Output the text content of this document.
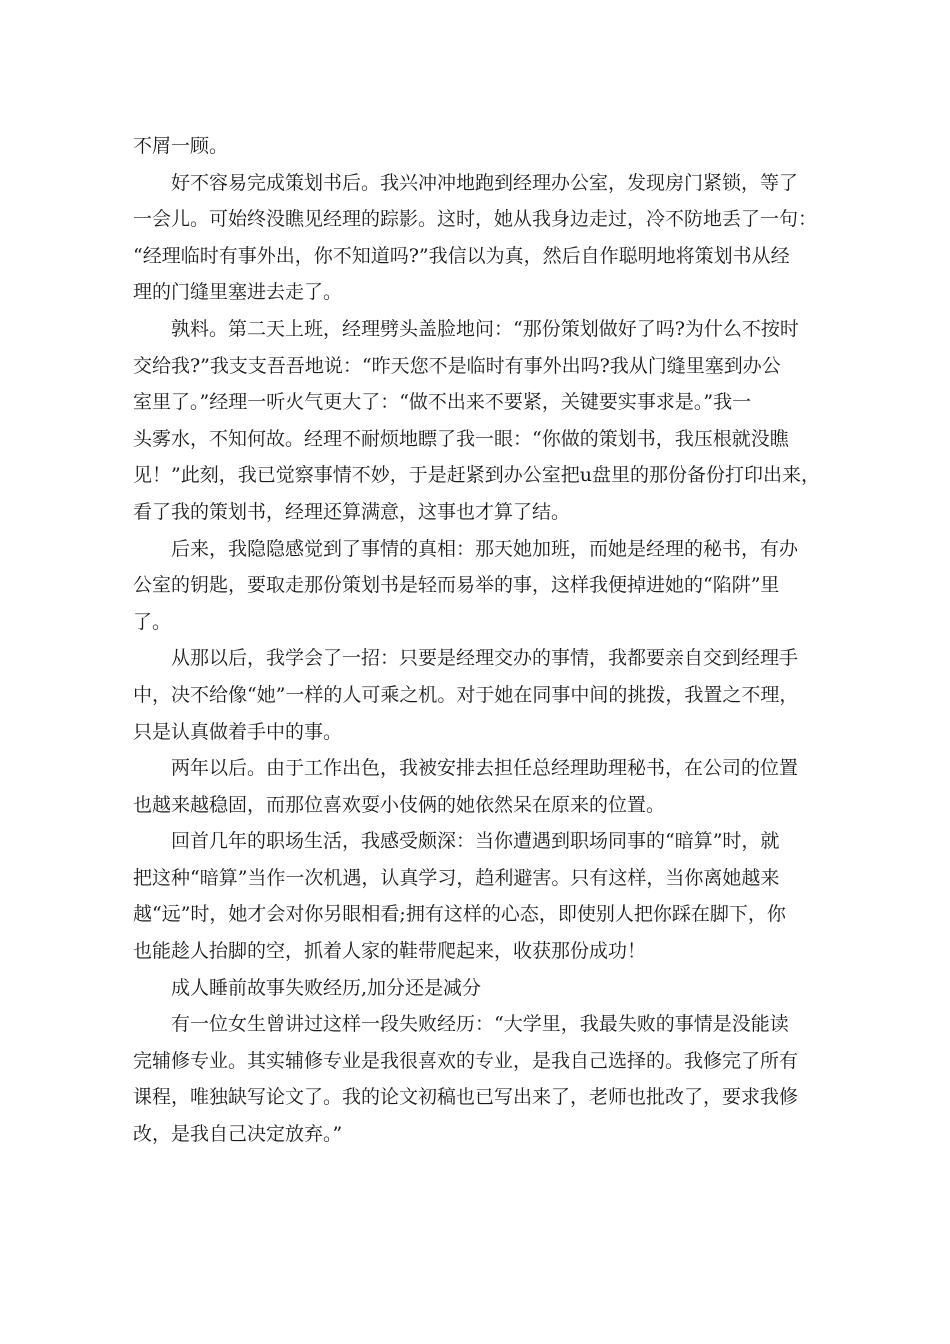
不屑一顾。
好不容易完成策划书后。我兴冲冲地跑到经理办公室，发现房门紧锁，等了
一会儿。可始终没瞧见经理的踪影。这时，她从我身边走过，冷不防地丢了一句：
“经理临时有事外出，你不知道吗?”我信以为真，然后自作聪明地将策划书从经
理的门缝里塞进去走了。
孰料。第二天上班，经理劈头盖脸地问：“那份策划做好了吗?为什么不按时
交给我?”我支支吾吾地说：“昨天您不是临时有事外出吗?我从门缝里塞到办公
室里了。”经理一听火气更大了：“做不出来不要紧，关键要实事求是。”我一
头雾水，不知何故。经理不耐烦地瞟了我一眼：“你做的策划书，我压根就没瞧
见！”此刻，我已觉察事情不妙，于是赶紧到办公室把u盘里的那份备份打印出来，
看了我的策划书，经理还算满意，这事也才算了结。
后来，我隐隐感觉到了事情的真相：那天她加班，而她是经理的秘书，有办
公室的钥匙，要取走那份策划书是轻而易举的事，这样我便掉进她的“陷阱”里
了。
从那以后，我学会了一招：只要是经理交办的事情，我都要亲自交到经理手
中，决不给像“她”一样的人可乘之机。对于她在同事中间的挑拨，我置之不理，
只是认真做着手中的事。
两年以后。由于工作出色，我被安排去担任总经理助理秘书，在公司的位置
也越来越稳固，而那位喜欢耍小伎俩的她依然呆在原来的位置。
回首几年的职场生活，我感受颇深：当你遭遇到职场同事的“暗算”时，就
把这种“暗算”当作一次机遇，认真学习，趋利避害。只有这样，当你离她越来
越“远”时，她才会对你另眼相看;拥有这样的心态，即使别人把你踩在脚下，你
也能趁人抬脚的空，抓着人家的鞋带爬起来，收获那份成功！
成人睡前故事失败经历,加分还是减分
有一位女生曾讲过这样一段失败经历：“大学里，我最失败的事情是没能读
完辅修专业。其实辅修专业是我很喜欢的专业，是我自己选择的。我修完了所有
课程，唯独缺写论文了。我的论文初稿也已写出来了，老师也批改了，要求我修
改，是我自己决定放弃。”
